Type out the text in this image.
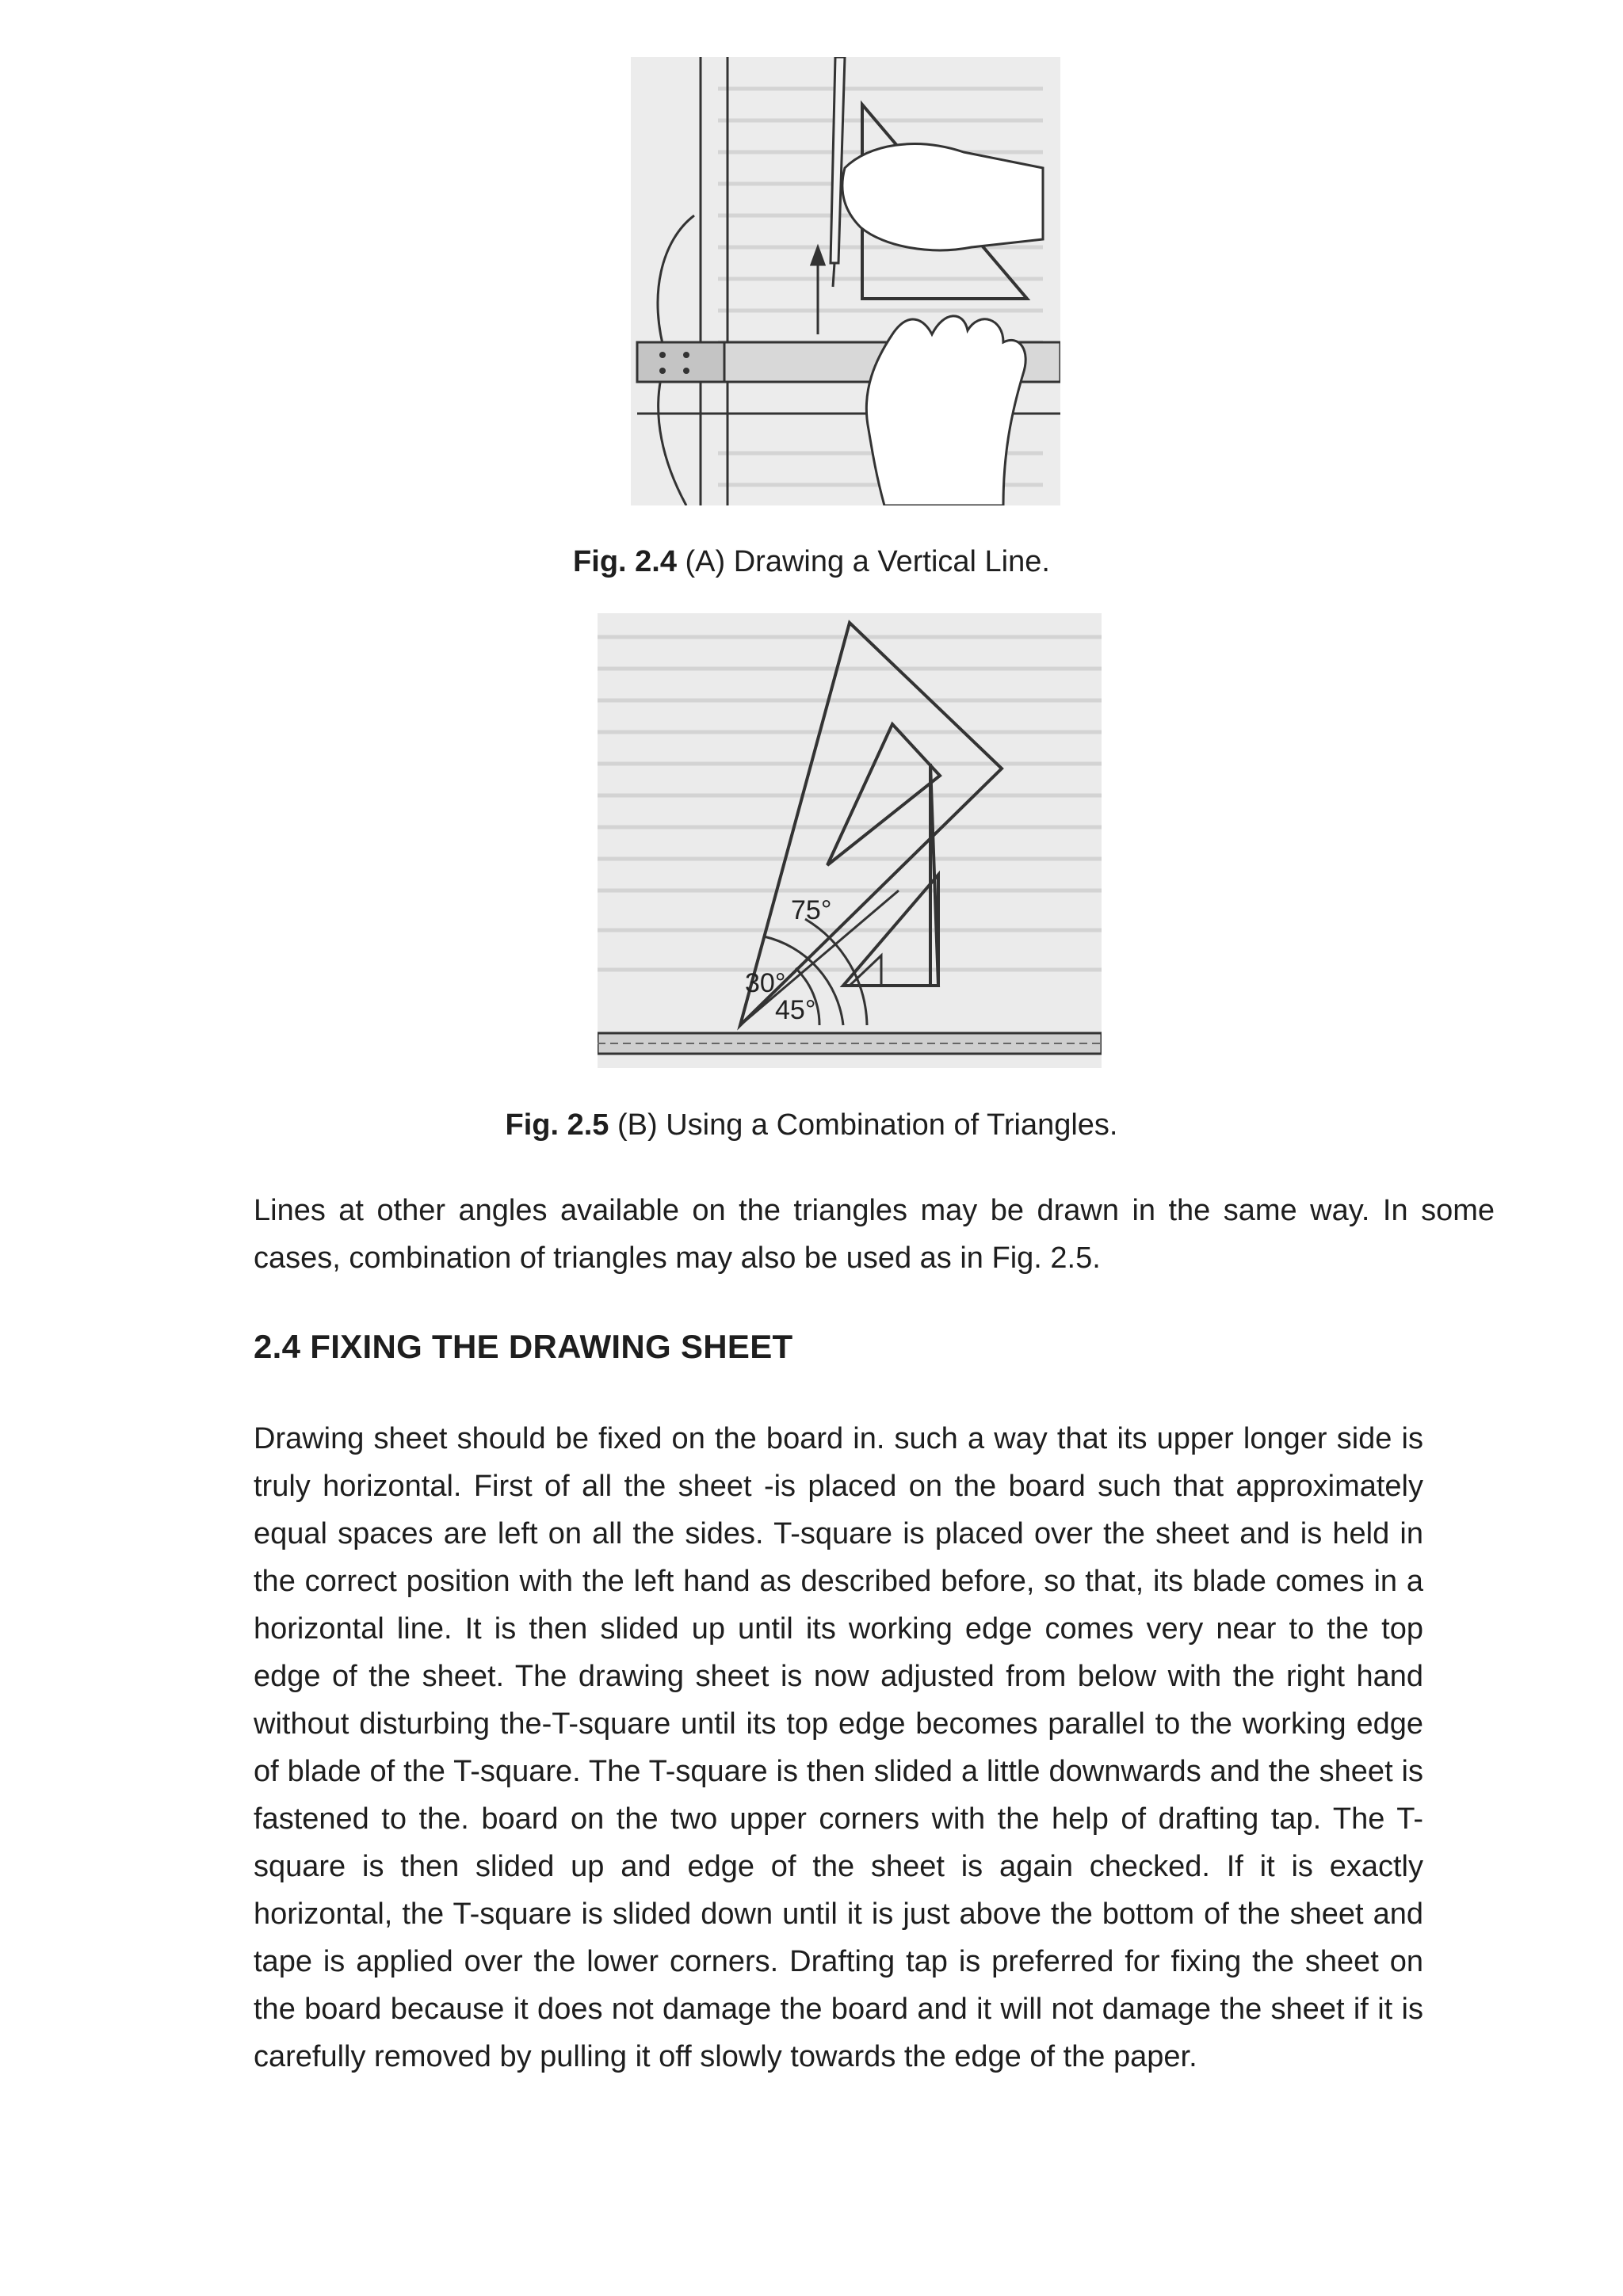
Fig. 2.4 (A) Drawing a Vertical Line.
75°
30°
45°
Fig. 2.5 (B) Using a Combination of Triangles.

Lines at other angles available on the triangles may be drawn in the same way. In some cases, combination of triangles may also be used as in Fig. 2.5.

2.4 FIXING THE DRAWING SHEET

Drawing sheet should be fixed on the board in. such a way that its upper longer side is truly horizontal. First of all the sheet -is placed on the board such that approximately equal spaces are left on all the sides. T-square is placed over the sheet and is held in the correct position with the left hand as described before, so that, its blade comes in a horizontal line. It is then slided up until its working edge comes very near to the top edge of the sheet. The drawing sheet is now adjusted from below with the right hand without disturbing the-T-square until its top edge becomes parallel to the working edge of blade of the T-square. The T-square is then slided a little downwards and the sheet is fastened to the. board on the two upper corners with the help of drafting tap. The T-square is then slided up and edge of the sheet is again checked. If it is exactly horizontal, the T-square is slided down until it is just above the bottom of the sheet and tape is applied over the lower corners. Drafting tap is preferred for fixing the sheet on the board because it does not damage the board and it will not damage the sheet if it is carefully removed by pulling it off slowly towards the edge of the paper.
